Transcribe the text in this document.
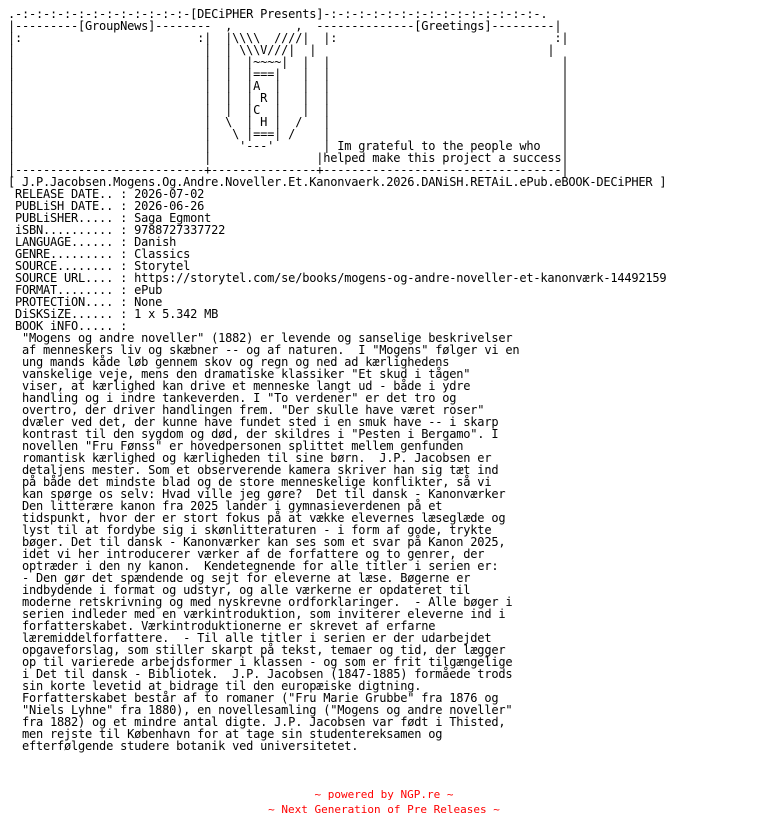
.-:-:-:-:-:-:-:-:-:-:-:-:-[DECiPHER Presents]-:-:-:-:-:-:-:-:-:-:-:-:-:-:-:-.
|---------[GroupNews]--------  ,         ,  --------------[Greetings]---------|
|:                         :|  |\\\\  ////|  |:                               :|
|                           |  | \\\V///|  |                                 |
|                           |  |  |~~~~|  |  |                                 |
|                           |  |  |===|   |  |                                 |
|                           |  |  |A  |   |  |                                 |
|                           |  |  | R |   |  |                                 |
|                           |  |  |C  |   |  |                                 |
|                           |  \  | H |  /   |                                 |
|                           |   \ |===| /    |                                 |
|                           |    '---'       | Im grateful to the people who   |
|                           |               |helped make this project a success|
|---------------------------+---------------+----------------------------------|
[ J.P.Jacobsen.Mogens.Og.Andre.Noveller.Et.Kanonvaerk.2026.DANiSH.RETAiL.ePub.eBOOK-DECiPHER ]
RELEASE DATE.. : 2026-07-02
PUBLiSH DATE.. : 2026-06-26
PUBLiSHER..... : Saga Egmont
iSBN.......... : 9788727337722
LANGUAGE...... : Danish
GENRE......... : Classics
SOURCE........ : Storytel
SOURCE URL.... : https://storytel.com/se/books/mogens-og-andre-noveller-et-kanonværk-14492159
FORMAT........ : ePub
PROTECTiON.... : None
DiSKSiZE...... : 1 x 5.342 MB
BOOK iNFO..... :
"Mogens og andre noveller" (1882) er levende og sanselige beskrivelser
af menneskers liv og skæbner -- og af naturen.  I "Mogens" følger vi en
ung mands kåde løb gennem skov og regn og ned ad kærlighedens
vanskelige veje, mens den dramatiske klassiker "Et skud i tågen"
viser, at kærlighed kan drive et menneske langt ud - både i ydre
handling og i indre tankeverden. I "To verdener" er det tro og
overtro, der driver handlingen frem. "Der skulle have været roser"
dvæler ved det, der kunne have fundet sted i en smuk have -- i skarp
kontrast til den sygdom og død, der skildres i "Pesten i Bergamo". I
novellen "Fru Fønss" er hovedpersonen splittet mellem genfunden
romantisk kærlighed og kærligheden til sine børn.  J.P. Jacobsen er
detaljens mester. Som et observerende kamera skriver han sig tæt ind
på både det mindste blad og de store menneskelige konflikter, så vi
kan spørge os selv: Hvad ville jeg gøre?  Det til dansk - Kanonværker
Den litterære kanon fra 2025 lander i gymnasieverdenen på et
tidspunkt, hvor der er stort fokus på at vække elevernes læseglæde og
lyst til at fordybe sig i skønlitteraturen - i form af gode, trykte
bøger. Det til dansk - Kanonværker kan ses som et svar på Kanon 2025,
idet vi her introducerer værker af de forfattere og to genrer, der
optræder i den ny kanon.  Kendetegnende for alle titler i serien er:
- Den gør det spændende og sejt for eleverne at læse. Bøgerne er
indbydende i format og udstyr, og alle værkerne er opdateret til
moderne retskrivning og med nyskrevne ordforklaringer.  - Alle bøger i
serien indleder med en værkintroduktion, som inviterer eleverne ind i
forfatterskabet. Værkintroduktionerne er skrevet af erfarne
læremiddelforfattere.  - Til alle titler i serien er der udarbejdet
opgaveforslag, som stiller skarpt på tekst, temaer og tid, der lægger
op til varierede arbejdsformer i klassen - og som er frit tilgængelige
i Det til dansk - Bibliotek.  J.P. Jacobsen (1847-1885) formåede trods
sin korte levetid at bidrage til den europæiske digtning.
Forfatterskabet består af to romaner ("Fru Marie Grubbe" fra 1876 og
"Niels Lyhne" fra 1880), en novellesamling ("Mogens og andre noveller"
fra 1882) og et mindre antal digte. J.P. Jacobsen var født i Thisted,
men rejste til København for at tage sin studentereksamen og
efterfølgende studere botanik ved universitetet.
~ powered by NGP.re ~
~ Next Generation of Pre Releases ~
